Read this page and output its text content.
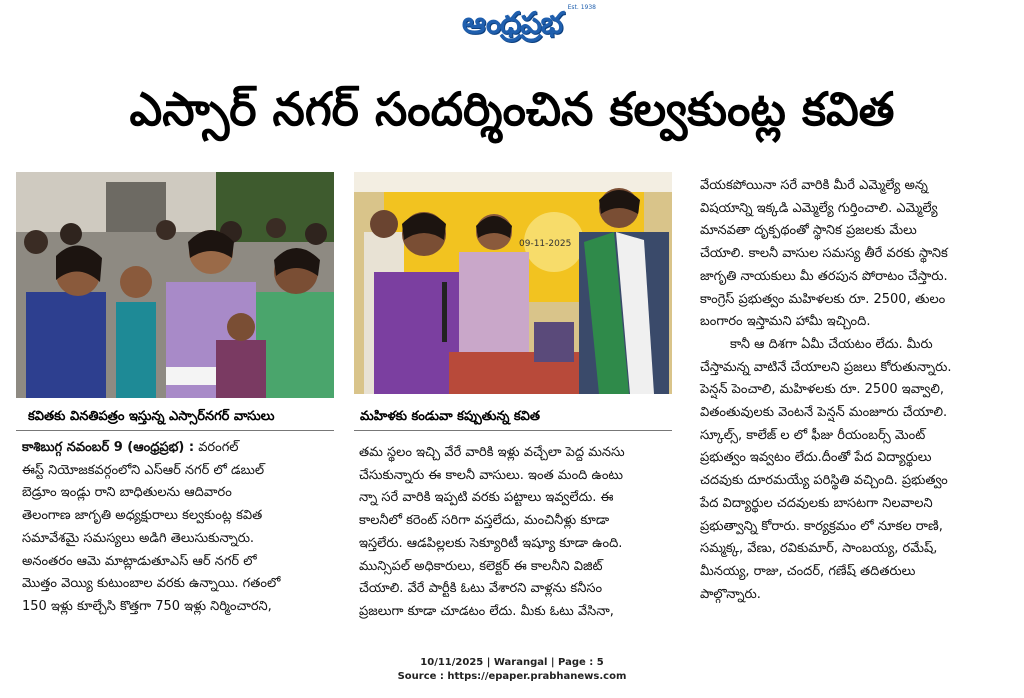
ఆంధ్రప్రభ Est. 1938
ఎస్సార్ నగర్ సందర్శించిన కల్వకుంట్ల కవిత
09-11-2025
కవితకు వినతిపత్రం ఇస్తున్న ఎస్సార్‌నగర్ వాసులు	మహిళకు కండువా కప్పుతున్న కవిత

కాశిబుగ్గ నవంబర్ 9 (ఆంధ్రప్రభ) : వరంగల్

ఈస్ట్ నియోజకవర్గంలోని ఎస్ఆర్ నగర్ లో డబుల్

బెడ్రూం ఇండ్లు రాని బాధితులను ఆదివారం

తెలంగాణ జాగృతి అధ్యక్షురాలు కల్వకుంట్ల కవిత

సమావేశమై సమస్యలు అడిగి తెలుసుకున్నారు.

అనంతరం ఆమె మాట్లాడుతూఎస్ ఆర్ నగర్ లో

మొత్తం వెయ్యి కుటుంబాల వరకు ఉన్నాయి. గతంలో

150 ఇళ్లు కూల్చేసి కొత్తగా 750 ఇళ్లు నిర్మించారని,

తమ స్థలం ఇచ్చి వేరే వారికి ఇళ్లు వచ్చేలా పెద్ద మనసు

చేసుకున్నారు ఈ కాలనీ వాసులు. ఇంత మంది ఉంటు

న్నా సరే వారికి ఇప్పటి వరకు పట్టాలు ఇవ్వలేదు. ఈ

కాలనీలో కరెంట్ సరిగా వస్తలేదు, మంచినీళ్లు కూడా

ఇస్తలేరు. ఆడపిల్లలకు సెక్యూరిటీ ఇష్యూ కూడా ఉంది.

మున్సిపల్ అధికారులు, కలెక్టర్ ఈ కాలనీని విజిట్

చేయాలి. వేరే పార్టీకి ఓటు వేశారని వాళ్లను కనీసం

ప్రజలుగా కూడా చూడటం లేదు. మీకు ఓటు వేసినా,

వేయకపోయినా సరే వారికి మీరే ఎమ్మెల్యే అన్న

విషయాన్ని ఇక్కడి ఎమ్మెల్యే గుర్తించాలి. ఎమ్మెల్యే

మానవతా దృక్పథంతో స్థానిక ప్రజలకు మేలు

చేయాలి. కాలనీ వాసుల సమస్య తీరే వరకు స్థానిక

జాగృతి నాయకులు మీ తరపున పోరాటం చేస్తారు.

కాంగ్రెస్ ప్రభుత్వం మహిళలకు రూ. 2500, తులం

బంగారం ఇస్తామని హామీ ఇచ్చింది.

కానీ ఆ దిశగా ఏమీ చేయటం లేదు. మీరు

చేస్తామన్న వాటినే చేయాలని ప్రజలు కోరుతున్నారు.

పెన్షన్ పెంచాలి, మహిళలకు రూ. 2500 ఇవ్వాలి,

వితంతువులకు వెంటనే పెన్షన్ మంజూరు చేయాలి.

స్కూల్స్, కాలేజ్ ల లో ఫీజు రీయంబర్స్ మెంట్

ప్రభుత్వం ఇవ్వటం లేదు.దీంతో పేద విద్యార్థులు

చదవుకు దూరమయ్యే పరిస్థితి వచ్చింది. ప్రభుత్వం

పేద విద్యార్థుల చదవులకు బాసటగా నిలవాలని

ప్రభుత్వాన్ని కోరారు. కార్యక్రమం లో నూకల రాణి,

సమ్మక్క, వేణు, రవికుమార్, సాంబయ్య, రమేష్,

మీనయ్య, రాజు, చందర్, గణేష్ తదితరులు

పాల్గొన్నారు.

10/11/2025 | Warangal | Page : 5
Source : https://epaper.prabhanews.com
